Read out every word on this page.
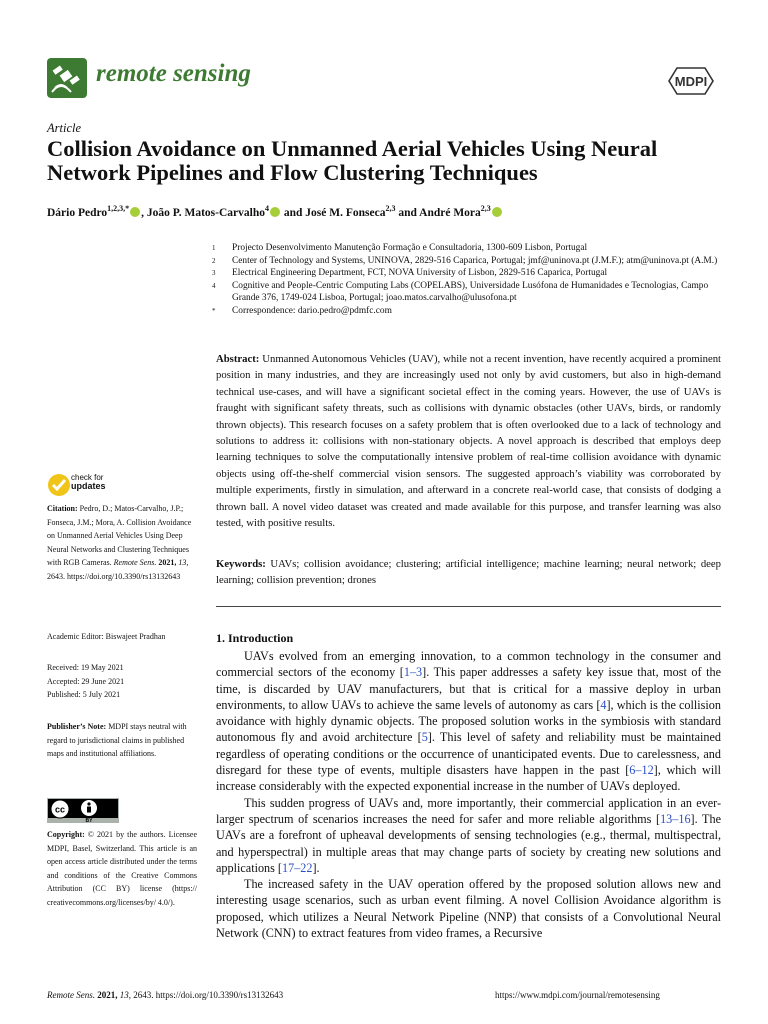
remote sensing	MDPI
Article
Collision Avoidance on Unmanned Aerial Vehicles Using Neural Network Pipelines and Flow Clustering Techniques
Dário Pedro$^{1,2,3,*}$ , João P. Matos-Carvalho$^4$ and José M. Fonseca$^{2,3}$ and André Mora$^{2,3}$
1	Projecto Desenvolvimento Manutenção Formação e Consultadoria, 1300-609 Lisbon, Portugal
2	Center of Technology and Systems, UNINOVA, 2829-516 Caparica, Portugal; jmf@uninova.pt (J.M.F.); atm@uninova.pt (A.M.)
3	Electrical Engineering Department, FCT, NOVA University of Lisbon, 2829-516 Caparica, Portugal
4	Cognitive and People-Centric Computing Labs (COPELABS), Universidade Lusófona de Humanidades e Tecnologias, Campo Grande 376, 1749-024 Lisboa, Portugal; joao.matos.carvalho@ulusofona.pt
*	Correspondence: dario.pedro@pdmfc.com
Abstract: Unmanned Autonomous Vehicles (UAV), while not a recent invention, have recently acquired a prominent position in many industries, and they are increasingly used not only by avid customers, but also in high-demand technical use-cases, and will have a significant societal effect in the coming years. However, the use of UAVs is fraught with significant safety threats, such as collisions with dynamic obstacles (other UAVs, birds, or randomly thrown objects). This research focuses on a safety problem that is often overlooked due to a lack of technology and solutions to address it: collisions with non-stationary objects. A novel approach is described that employs deep learning techniques to solve the computationally intensive problem of real-time collision avoidance with dynamic objects using off-the-shelf commercial vision sensors. The suggested approach’s viability was corroborated by multiple experiments, firstly in simulation, and afterward in a concrete real-world case, that consists of dodging a thrown ball. A novel video dataset was created and made available for this purpose, and transfer learning was also tested, with positive results.
Keywords: UAVs; collision avoidance; clustering; artificial intelligence; machine learning; neural network; deep learning; collision prevention; drones
check for
updates
Citation: Pedro, D.; Matos-Carvalho, J.P.; Fonseca, J.M.; Mora, A. Collision Avoidance on Unmanned Aerial Vehicles Using Deep Neural Networks and Clustering Techniques with RGB Cameras. Remote Sens. 2021, 13, 2643. https://doi.org/10.3390/rs13132643
Academic Editor: Biswajeet Pradhan
Received: 19 May 2021
Accepted: 29 June 2021
Published: 5 July 2021
Publisher’s Note: MDPI stays neutral with regard to jurisdictional claims in published maps and institutional affiliations.
cc
BY
Copyright: © 2021 by the authors. Licensee MDPI, Basel, Switzerland. This article is an open access article distributed under the terms and conditions of the Creative Commons Attribution (CC BY) license (https:// creativecommons.org/licenses/by/ 4.0/).
1. Introduction

UAVs evolved from an emerging innovation, to a common technology in the consumer and commercial sectors of the economy [1–3]. This paper addresses a safety key issue that, most of the time, is discarded by UAV manufacturers, but that is critical for a massive deploy in urban environments, to allow UAVs to achieve the same levels of autonomy as cars [4], which is the collision avoidance with highly dynamic objects. The proposed solution works in the symbiosis with standard autonomous fly and avoid architecture [5]. This level of safety and reliability must be maintained regardless of operating conditions or the occurrence of unanticipated events. Due to carelessness, and disregard for these type of events, multiple disasters have happen in the past [6–12], which will increase considerably with the expected exponential increase in the number of UAVs deployed.

This sudden progress of UAVs and, more importantly, their commercial application in an ever-larger spectrum of scenarios increases the need for safer and more reliable algorithms [13–16]. The UAVs are a forefront of upheaval developments of sensing technologies (e.g., thermal, multispectral, and hyperspectral) in multiple areas that may change parts of society by creating new solutions and applications [17–22].

The increased safety in the UAV operation offered by the proposed solution allows new and interesting usage scenarios, such as urban event filming. A novel Collision Avoidance algorithm is proposed, which utilizes a Neural Network Pipeline (NNP) that consists of a Convolutional Neural Network (CNN) to extract features from video frames, a Recursive

Remote Sens. 2021, 13, 2643. https://doi.org/10.3390/rs13132643	https://www.mdpi.com/journal/remotesensing
